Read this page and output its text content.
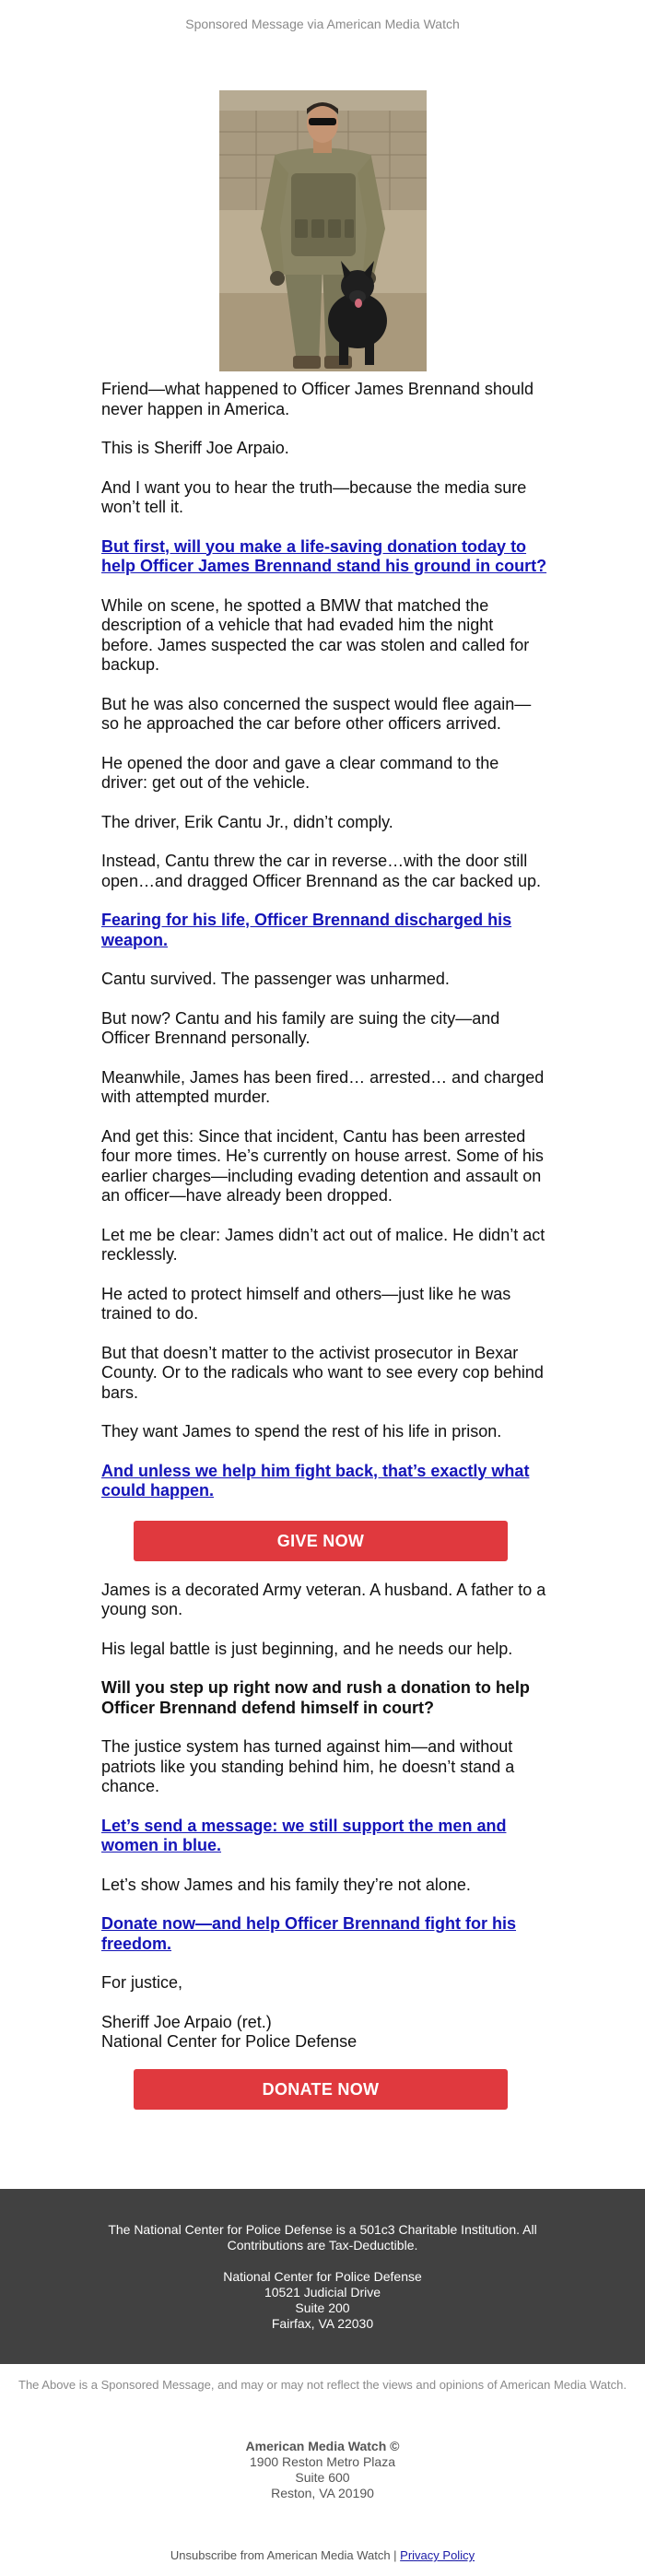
Sponsored Message via American Media Watch

Friend—what happened to Officer James Brennand should never happen in America.

This is Sheriff Joe Arpaio.

And I want you to hear the truth—because the media sure won’t tell it.

But first, will you make a life-saving donation today to help Officer James Brennand stand his ground in court?

While on scene, he spotted a BMW that matched the description of a vehicle that had evaded him the night before. James suspected the car was stolen and called for backup.

But he was also concerned the suspect would flee again—so he approached the car before other officers arrived.

He opened the door and gave a clear command to the driver: get out of the vehicle.

The driver, Erik Cantu Jr., didn’t comply.

Instead, Cantu threw the car in reverse…with the door still open…and dragged Officer Brennand as the car backed up.

Fearing for his life, Officer Brennand discharged his weapon.

Cantu survived. The passenger was unharmed.

But now? Cantu and his family are suing the city—and Officer Brennand personally.

Meanwhile, James has been fired… arrested… and charged with attempted murder.

And get this: Since that incident, Cantu has been arrested four more times. He’s currently on house arrest. Some of his earlier charges—including evading detention and assault on an officer—have already been dropped.

Let me be clear: James didn’t act out of malice. He didn’t act recklessly.

He acted to protect himself and others—just like he was trained to do.

But that doesn’t matter to the activist prosecutor in Bexar County. Or to the radicals who want to see every cop behind bars.

They want James to spend the rest of his life in prison.

And unless we help him fight back, that’s exactly what could happen.

GIVE NOW

James is a decorated Army veteran. A husband. A father to a young son.

His legal battle is just beginning, and he needs our help.

Will you step up right now and rush a donation to help Officer Brennand defend himself in court?

The justice system has turned against him—and without patriots like you standing behind him, he doesn’t stand a chance.

Let’s send a message: we still support the men and women in blue.

Let’s show James and his family they’re not alone.

Donate now—and help Officer Brennand fight for his freedom.

For justice,

Sheriff Joe Arpaio (ret.)
National Center for Police Defense

DONATE NOW

The National Center for Police Defense is a 501c3 Charitable Institution. All
Contributions are Tax-Deductible.

National Center for Police Defense
10521 Judicial Drive
Suite 200
Fairfax, VA 22030

The Above is a Sponsored Message, and may or may not reflect the views and opinions of American Media Watch.
American Media Watch ©
1900 Reston Metro Plaza
Suite 600
Reston, VA 20190
Unsubscribe from American Media Watch | Privacy Policy
